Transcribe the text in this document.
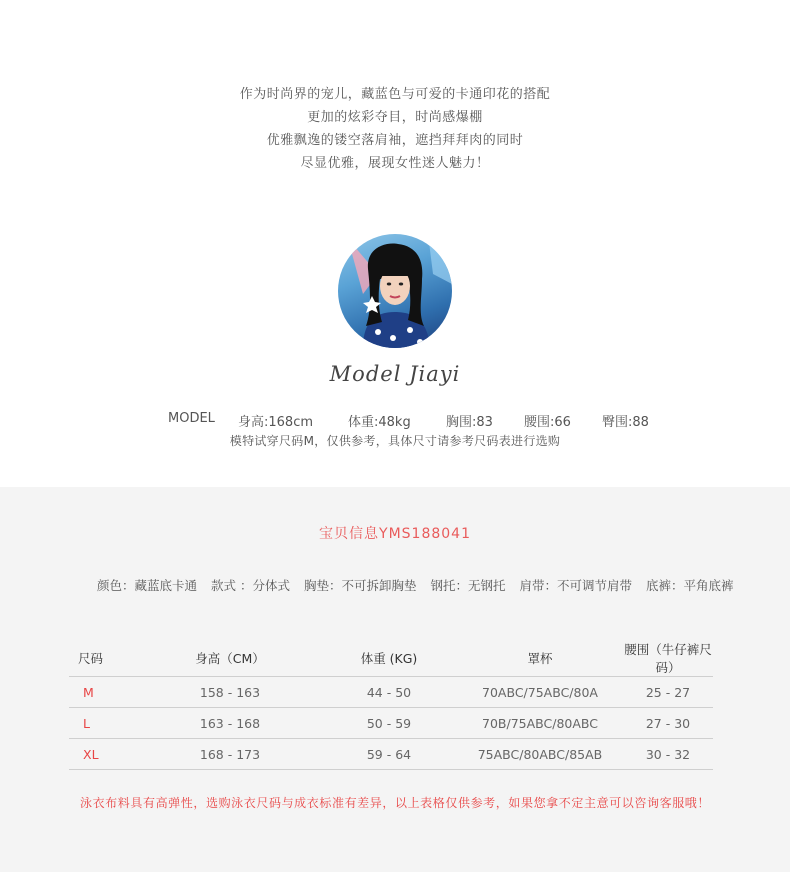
作为时尚界的宠儿，藏蓝色与可爱的卡通印花的搭配
更加的炫彩夺目，时尚感爆棚
优雅飘逸的镂空落肩袖，遮挡拜拜肉的同时
尽显优雅，展现女性迷人魅力！
Model Jiayi
MODEL 身高:168cm	体重:48kg	胸围:83 腰围:66 臀围:88
模特试穿尺码M，仅供参考，具体尺寸请参考尺码表进行选购
宝贝信息YMS188041
颜色：藏蓝底卡通 款式 ：分体式 胸垫：不可拆卸胸垫 钢托：无钢托 肩带：不可调节肩带 底裤：平角底裤
尺码	身高（CM）	体重 (KG)	罩杯	腰围（牛仔裤尺码）
M	158 - 163	44 - 50	70ABC/75ABC/80A	25 - 27
L	163 - 168	50 - 59	70B/75ABC/80ABC	27 - 30
XL	168 - 173	59 - 64	75ABC/80ABC/85AB	30 - 32
泳衣布料具有高弹性，选购泳衣尺码与成衣标准有差异，以上表格仅供参考，如果您拿不定主意可以咨询客服哦！
